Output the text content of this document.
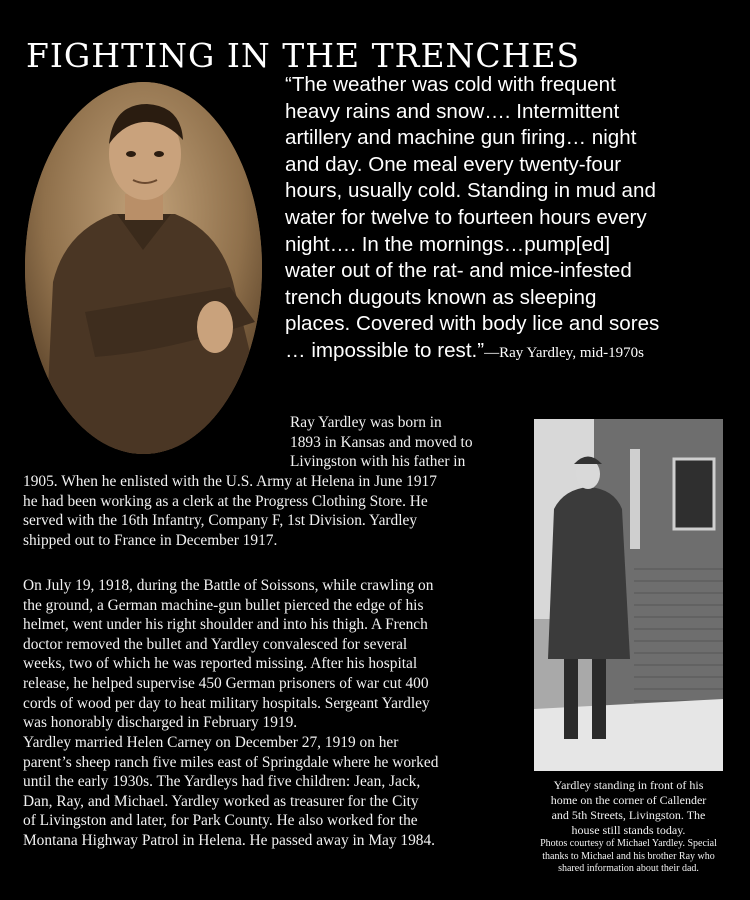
FIGHTING IN THE TRENCHES
“The weather was cold with frequent
heavy rains and snow…. Intermittent
artillery and machine gun firing… night
and day. One meal every twenty-four
hours, usually cold. Standing in mud and
water for twelve to fourteen hours every
night…. In the mornings…pump[ed]
water out of the rat- and mice-infested
trench dugouts known as sleeping
places. Covered with body lice and sores
… impossible to rest.”—Ray Yardley, mid-1970s
Ray Yardley was born in
1893 in Kansas and moved to
Livingston with his father in
1905. When he enlisted with the U.S. Army at Helena in June 1917
he had been working as a clerk at the Progress Clothing Store. He
served with the 16th Infantry, Company F, 1st Division. Yardley
shipped out to France in December 1917.
On July 19, 1918, during the Battle of Soissons, while crawling on
the ground, a German machine-gun bullet pierced the edge of his
helmet, went under his right shoulder and into his thigh. A French
doctor removed the bullet and Yardley convalesced for several
weeks, two of which he was reported missing. After his hospital
release, he helped supervise 450 German prisoners of war cut 400
cords of wood per day to heat military hospitals. Sergeant Yardley
was honorably discharged in February 1919.
Yardley married Helen Carney on December 27, 1919 on her
parent’s sheep ranch five miles east of Springdale where he worked
until the early 1930s. The Yardleys had five children: Jean, Jack,
Dan, Ray, and Michael. Yardley worked as treasurer for the City
of Livingston and later, for Park County. He also worked for the
Montana Highway Patrol in Helena. He passed away in May 1984.
Yardley standing in front of his
home on the corner of Callender
and 5th Streets, Livingston. The
house still stands today.
Photos courtesy of Michael Yardley. Special
thanks to Michael and his brother Ray who
shared information about their dad.
